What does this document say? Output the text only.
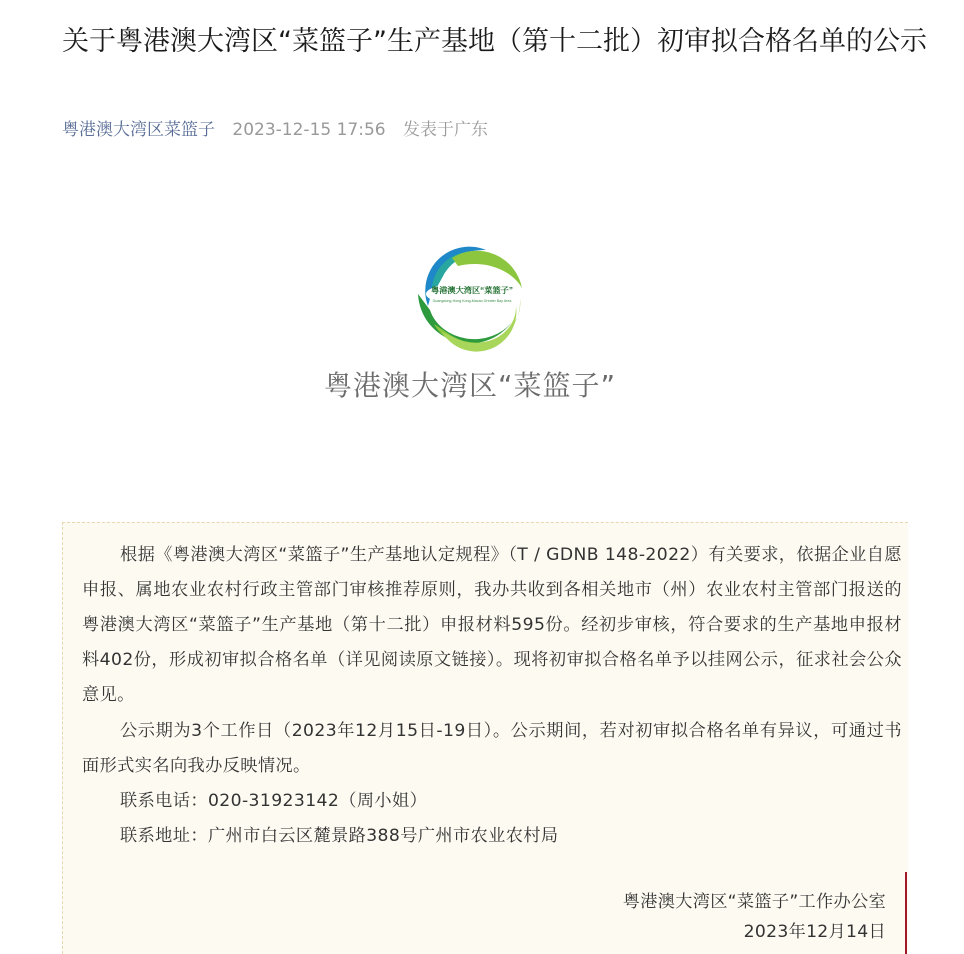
关于粤港澳大湾区“菜篮子”生产基地（第十二批）初审拟合格名单的公示
粤港澳大湾区菜篮子 2023-12-15 17:56 发表于广东
粤港澳大湾区“菜篮子”
Guangdong-Hong Kong-Macao Greater Bay Area
粤港澳大湾区“菜篮子”

根据《粤港澳大湾区“菜篮子”生产基地认定规程》（T / GDNB 148-2022）有关要求，依据企业自愿申报、属地农业农村行政主管部门审核推荐原则，我办共收到各相关地市（州）农业农村主管部门报送的粤港澳大湾区“菜篮子”生产基地（第十二批）申报材料595份。经初步审核，符合要求的生产基地申报材料402份，形成初审拟合格名单（详见阅读原文链接）。现将初审拟合格名单予以挂网公示，征求社会公众意见。

公示期为3个工作日（2023年12月15日-19日）。公示期间，若对初审拟合格名单有异议，可通过书面形式实名向我办反映情况。

联系电话：020-31923142（周小姐）
联系地址：广州市白云区麓景路388号广州市农业农村局
粤港澳大湾区“菜篮子”工作办公室
2023年12月14日
